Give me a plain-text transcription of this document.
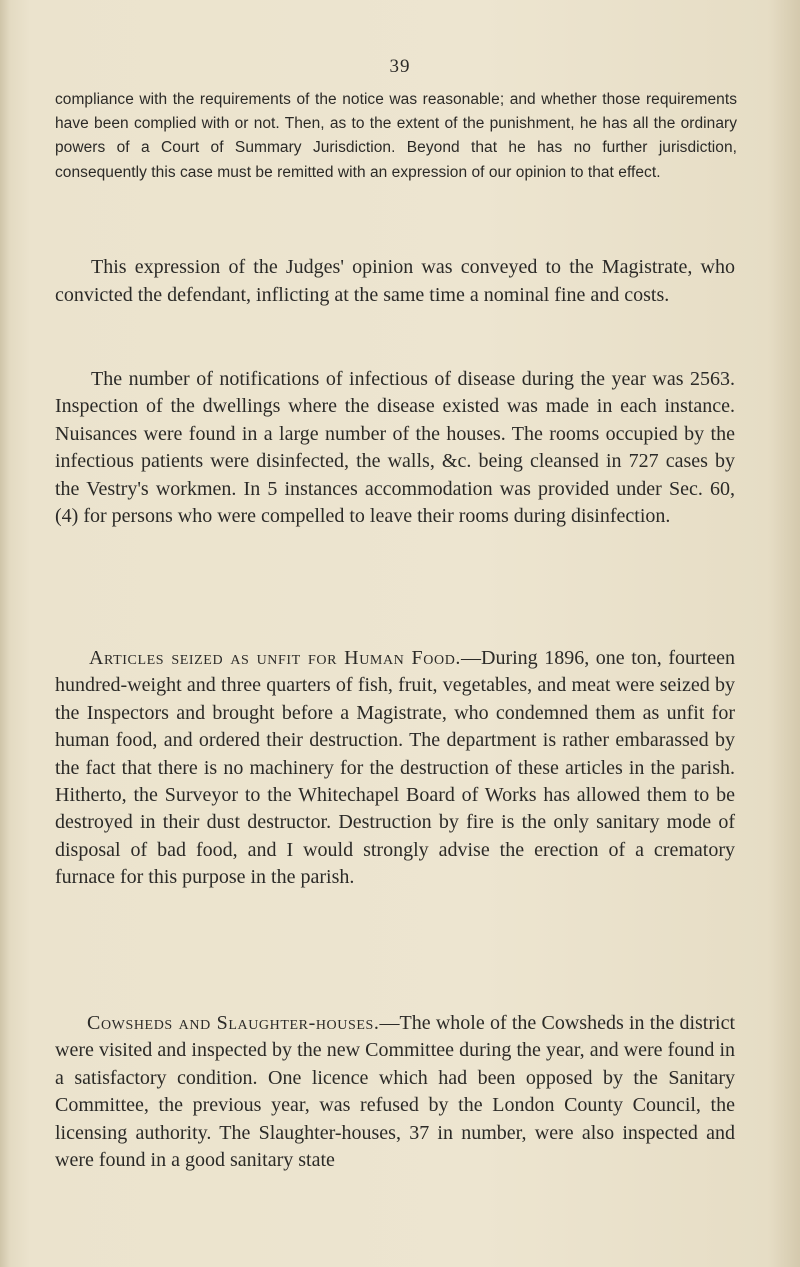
39
compliance with the requirements of the notice was reasonable; and whether those requirements have been complied with or not. Then, as to the extent of the punishment, he has all the ordinary powers of a Court of Summary Jurisdiction. Beyond that he has no further jurisdiction, consequently this case must be remitted with an expression of our opinion to that effect.
This expression of the Judges' opinion was conveyed to the Magistrate, who convicted the defendant, inflicting at the same time a nominal fine and costs.
The number of notifications of infectious of disease during the year was 2563. Inspection of the dwellings where the disease existed was made in each instance. Nuisances were found in a large number of the houses. The rooms occupied by the infectious patients were disinfected, the walls, &c. being cleansed in 727 cases by the Vestry's workmen. In 5 instances accommodation was provided under Sec. 60, (4) for persons who were compelled to leave their rooms during disinfection.
Articles seized as unfit for Human Food.—During 1896, one ton, fourteen hundred-weight and three quarters of fish, fruit, vegetables, and meat were seized by the Inspectors and brought before a Magistrate, who condemned them as unfit for human food, and ordered their destruction. The department is rather embarassed by the fact that there is no machinery for the destruction of these articles in the parish. Hitherto, the Surveyor to the Whitechapel Board of Works has allowed them to be destroyed in their dust destructor. Destruction by fire is the only sanitary mode of disposal of bad food, and I would strongly advise the erection of a crematory furnace for this purpose in the parish.
Cowsheds and Slaughter-houses.—The whole of the Cowsheds in the district were visited and inspected by the new Committee during the year, and were found in a satisfactory condition. One licence which had been opposed by the Sanitary Committee, the previous year, was refused by the London County Council, the licensing authority. The Slaughter-houses, 37 in number, were also inspected and were found in a good sanitary state
